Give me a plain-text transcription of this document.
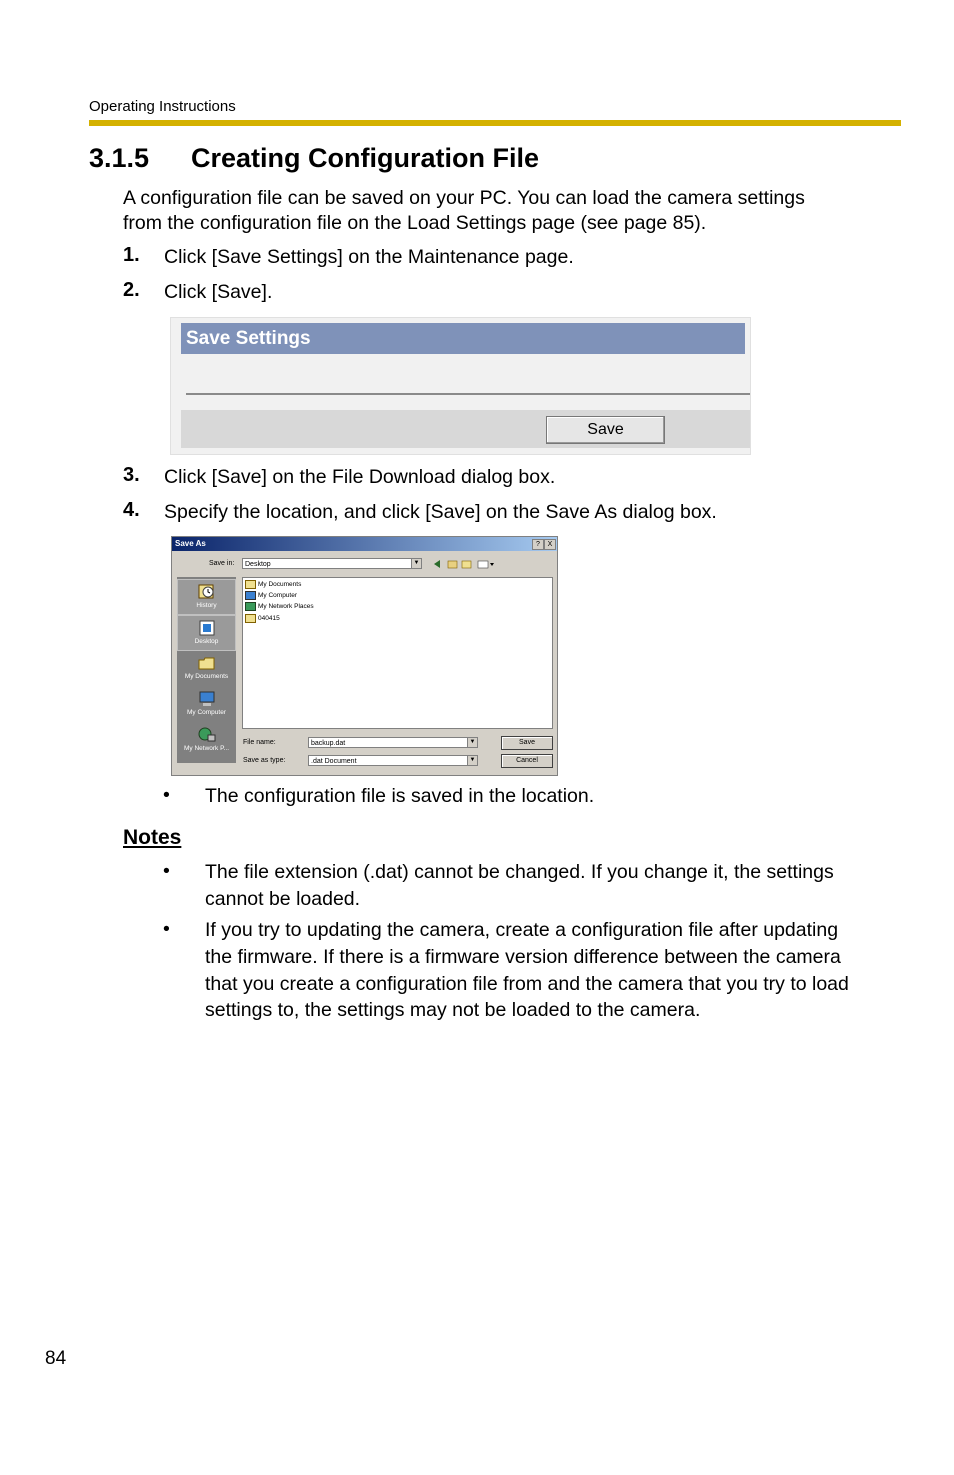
Operating Instructions
3.1.5 Creating Configuration File
A configuration file can be saved on your PC. You can load the camera settings
from the configuration file on the Load Settings page (see page 85).
1. Click [Save Settings] on the Maintenance page.
2. Click [Save].
Save Settings
Save
3. Click [Save] on the File Download dialog box.
4. Specify the location, and click [Save] on the Save As dialog box.
Save As	?	X
Save in:	Desktop	▼
History
Desktop
My Documents
My Computer
My Network P...
My Documents
My Computer
My Network Places
040415
File name:	backup.dat	▼
Save as type:	.dat Document	▼
Save
Cancel
• The configuration file is saved in the location.
Notes
• The file extension (.dat) cannot be changed. If you change it, the settings
cannot be loaded.
• If you try to updating the camera, create a configuration file after updating
the firmware. If there is a firmware version difference between the camera
that you create a configuration file from and the camera that you try to load
settings to, the settings may not be loaded to the camera.
84
